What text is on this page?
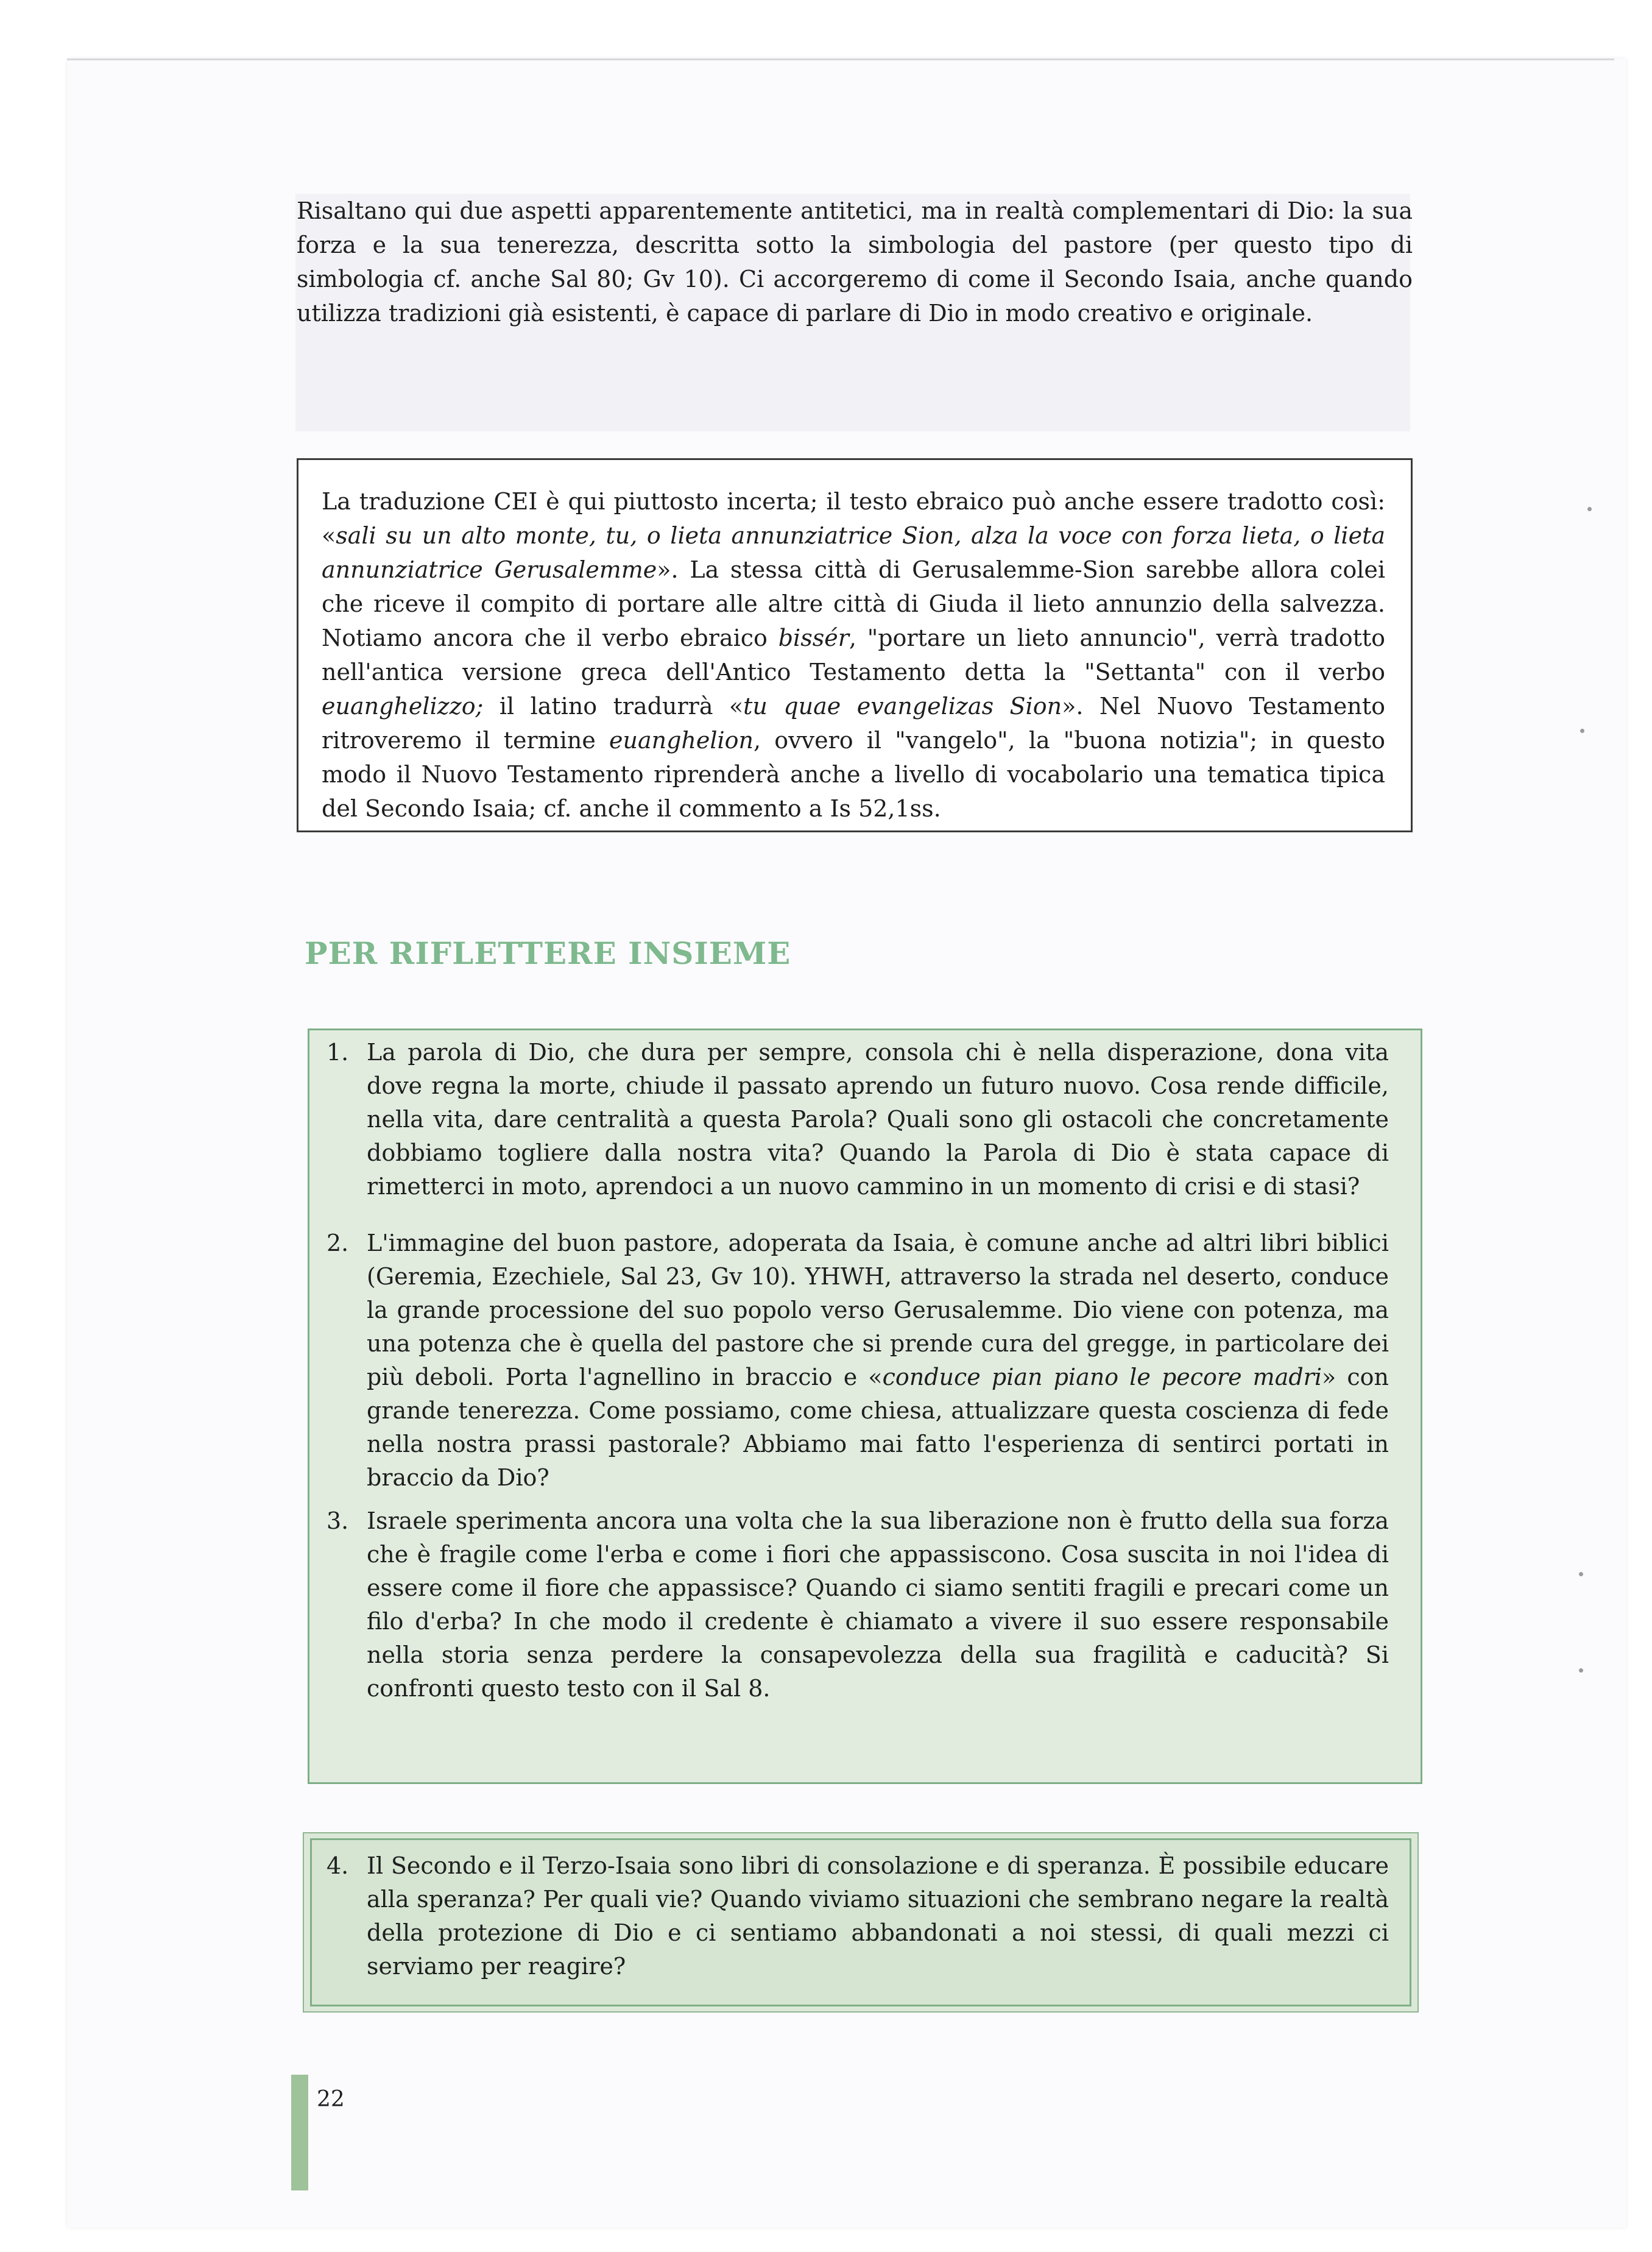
Risaltano qui due aspetti apparentemente antitetici, ma in realtà complementari di Dio: la sua forza e la sua tenerezza, descritta sotto la simbologia del pastore (per questo tipo di simbologia cf. anche Sal 80; Gv 10). Ci accorgeremo di come il Secondo Isaia, anche quando utilizza tradizioni già esistenti, è capace di parlare di Dio in modo creativo e originale.

La traduzione CEI è qui piuttosto incerta; il testo ebraico può anche essere tradotto così: «sali su un alto monte, tu, o lieta annunziatrice Sion, alza la voce con forza lieta, o lieta annunziatrice Gerusalemme». La stessa città di Gerusalemme-Sion sarebbe allora colei che riceve il compito di portare alle altre città di Giuda il lieto annunzio della salvezza. Notiamo ancora che il verbo ebraico bissér, "portare un lieto annuncio", verrà tradotto nell'antica versione greca dell'Antico Testamento detta la "Settanta" con il verbo euanghelizzo; il latino tradurrà «tu quae evangelizas Sion». Nel Nuovo Testamento ritroveremo il termine euanghelion, ovvero il "vangelo", la "buona notizia"; in questo modo il Nuovo Testamento riprenderà anche a livello di vocabolario una tematica tipica del Secondo Isaia; cf. anche il commento a Is 52,1ss.

PER RIFLETTERE INSIEME
1. La parola di Dio, che dura per sempre, consola chi è nella disperazione, dona vita dove regna la morte, chiude il passato aprendo un futuro nuovo. Cosa rende difficile, nella vita, dare centralità a questa Parola? Quali sono gli ostacoli che concretamente dobbiamo togliere dalla nostra vita? Quando la Parola di Dio è stata capace di rimetterci in moto, aprendoci a un nuovo cammino in un momento di crisi e di stasi?
2. L'immagine del buon pastore, adoperata da Isaia, è comune anche ad altri libri biblici (Geremia, Ezechiele, Sal 23, Gv 10). YHWH, attraverso la strada nel deserto, conduce la grande processione del suo popolo verso Gerusalemme. Dio viene con potenza, ma una potenza che è quella del pastore che si prende cura del gregge, in particolare dei più deboli. Porta l'agnellino in braccio e «conduce pian piano le pecore madri» con grande tenerezza. Come possiamo, come chiesa, attualizzare questa coscienza di fede nella nostra prassi pastorale? Abbiamo mai fatto l'esperienza di sentirci portati in braccio da Dio?
3. Israele sperimenta ancora una volta che la sua liberazione non è frutto della sua forza che è fragile come l'erba e come i fiori che appassiscono. Cosa suscita in noi l'idea di essere come il fiore che appassisce? Quando ci siamo sentiti fragili e precari come un filo d'erba? In che modo il credente è chiamato a vivere il suo essere responsabile nella storia senza perdere la consapevolezza della sua fragilità e caducità? Si confronti questo testo con il Sal 8.
4. Il Secondo e il Terzo-Isaia sono libri di consolazione e di speranza. È possibile educare alla speranza? Per quali vie? Quando viviamo situazioni che sembrano negare la realtà della protezione di Dio e ci sentiamo abbandonati a noi stessi, di quali mezzi ci serviamo per reagire?

22
